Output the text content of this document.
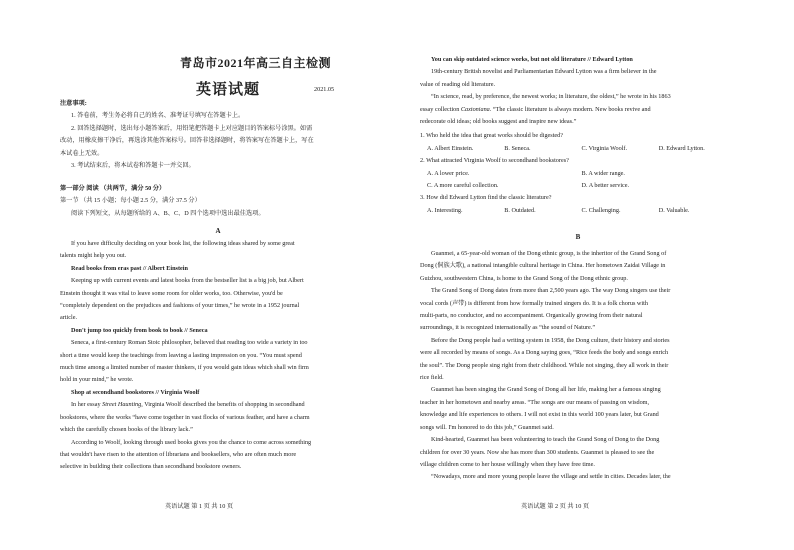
青岛市2021年高三自主检测
英语试题	2021.05

注意事项:

1. 答卷前，考生务必将自己的姓名、准考证号填写在答题卡上。

2. 回答选择题时，选出每小题答案后，用铅笔把答题卡上对应题目的答案标号涂黑。如需

改动，用橡皮擦干净后，再选涂其他答案标号。回答非选择题时，将答案写在答题卡上，写在

本试卷上无效。

3. 考试结束后，将本试卷和答题卡一并交回。

第一部分 阅读 （共两节，满分 50 分）

第一节 （共 15 小题；每小题 2.5 分，满分 37.5 分）

阅读下列短文，从每题所给的 A、B、C、D 四个选项中选出最佳选项。

A

If you have difficulty deciding on your book list, the following ideas shared by some great

talents might help you out.

Read books from eras past // Albert Einstein

Keeping up with current events and latest books from the bestseller list is a big job, but Albert

Einstein thought it was vital to leave some room for older works, too. Otherwise, you'd be

“completely dependent on the prejudices and fashions of your times,” he wrote in a 1952 journal

article.

Don't jump too quickly from book to book // Seneca

Seneca, a first-century Roman Stoic philosopher, believed that reading too wide a variety in too

short a time would keep the teachings from leaving a lasting impression on you. “You must spend

much time among a limited number of master thinkers, if you would gain ideas which shall win firm

hold in your mind,” he wrote.

Shop at secondhand bookstores // Virginia Woolf

In her essay Street Haunting, Virginia Woolf described the benefits of shopping in secondhand

bookstores, where the works “have come together in vast flocks of various feather, and have a charm

which the carefully chosen books of the library lack.”

According to Woolf, looking through used books gives you the chance to come across something

that wouldn't have risen to the attention of librarians and booksellers, who are often much more

selective in building their collections than secondhand bookstore owners.

英语试题 第 1 页 共 10 页

You can skip outdated science works, but not old literature // Edward Lytton

19th-century British novelist and Parliamentarian Edward Lytton was a firm believer in the

value of reading old literature.

“In science, read, by preference, the newest works; in literature, the oldest,” he wrote in his 1863

essay collection Caxtoniana. “The classic literature is always modern. New books revive and

redecorate old ideas; old books suggest and inspire new ideas.”

1. Who held the idea that great works should be digested?

A. Albert Einstein.	B. Seneca.	C. Virginia Woolf.	D. Edward Lytton.

2. What attracted Virginia Woolf to secondhand bookstores?

A. A lower price.	B. A wider range.
C. A more careful collection.	D. A better service.

3. How did Edward Lytton find the classic literature?

A. Interesting.	B. Outdated.	C. Challenging.	D. Valuable.

B

Guanmei, a 65-year-old woman of the Dong ethnic group, is the inheritor of the Grand Song of

Dong (侗族大歌), a national intangible cultural heritage in China. Her hometown Zaidai Village in

Guizhou, southwestern China, is home to the Grand Song of the Dong ethnic group.

The Grand Song of Dong dates from more than 2,500 years ago. The way Dong singers use their

vocal cords (声带) is different from how formally trained singers do. It is a folk chorus with

multi-parts, no conductor, and no accompaniment. Organically growing from their natural

surroundings, it is recognized internationally as “the sound of Nature.”

Before the Dong people had a writing system in 1958, the Dong culture, their history and stories

were all recorded by means of songs. As a Dong saying goes, “Rice feeds the body and songs enrich

the soul”. The Dong people sing right from their childhood. While not singing, they all work in their

rice field.

Guanmei has been singing the Grand Song of Dong all her life, making her a famous singing

teacher in her hometown and nearby areas. “The songs are our means of passing on wisdom,

knowledge and life experiences to others. I will not exist in this world 100 years later, but Grand

songs will. I'm honored to do this job,” Guanmei said.

Kind-hearted, Guanmei has been volunteering to teach the Grand Song of Dong to the Dong

children for over 30 years. Now she has more than 300 students. Guanmei is pleased to see the

village children come to her house willingly when they have free time.

“Nowadays, more and more young people leave the village and settle in cities. Decades later, the

英语试题 第 2 页 共 10 页
